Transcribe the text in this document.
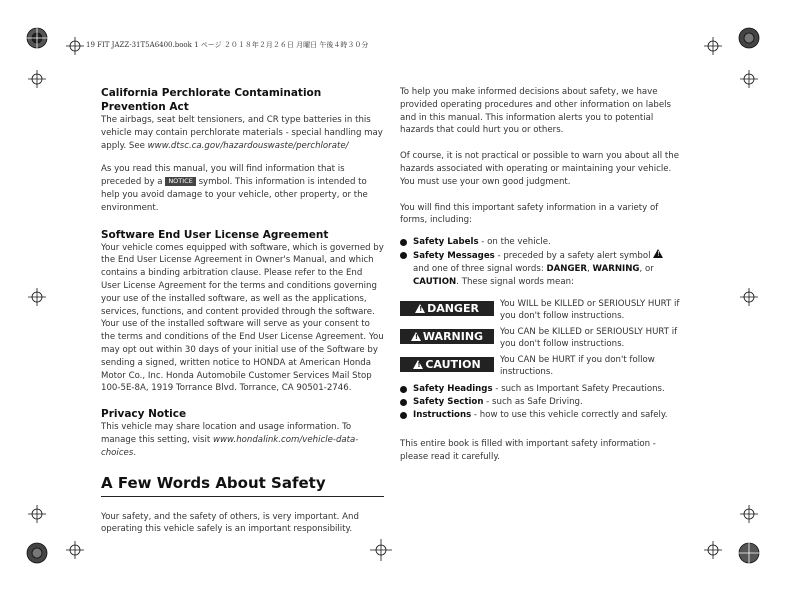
19 FIT JAZZ-31T5A6400.book 1 ページ ２０１８年２月２６日 月曜日 午後４時３０分
California Perchlorate Contamination Prevention Act

The airbags, seat belt tensioners, and CR type batteries in this vehicle may contain perchlorate materials - special handling may apply. See www.dtsc.ca.gov/hazardouswaste/perchlorate/

As you read this manual, you will find information that is preceded by a NOTICE symbol. This information is intended to help you avoid damage to your vehicle, other property, or the environment.

Software End User License Agreement

Your vehicle comes equipped with software, which is governed by the End User License Agreement in Owner's Manual, and which contains a binding arbitration clause. Please refer to the End User License Agreement for the terms and conditions governing your use of the installed software, as well as the applications, services, functions, and content provided through the software. Your use of the installed software will serve as your consent to the terms and conditions of the End User License Agreement. You may opt out within 30 days of your initial use of the Software by sending a signed, written notice to HONDA at American Honda Motor Co., Inc. Honda Automobile Customer Services Mail Stop 100-5E-8A, 1919 Torrance Blvd. Torrance, CA 90501-2746.

Privacy Notice

This vehicle may share location and usage information. To manage this setting, visit www.hondalink.com/vehicle-data-choices.

A Few Words About Safety

Your safety, and the safety of others, is very important. And operating this vehicle safely is an important responsibility.

To help you make informed decisions about safety, we have provided operating procedures and other information on labels and in this manual. This information alerts you to potential hazards that could hurt you or others.

Of course, it is not practical or possible to warn you about all the hazards associated with operating or maintaining your vehicle. You must use your own good judgment.

You will find this important safety information in a variety of forms, including:

Safety Labels - on the vehicle.
Safety Messages - preceded by a safety alert symbol !
and one of three signal words: DANGER, WARNING, or CAUTION. These signal words mean:
! DANGER You WILL be KILLED or SERIOUSLY HURT if you don't follow instructions.
! WARNING You CAN be KILLED or SERIOUSLY HURT if you don't follow instructions.
! CAUTION You CAN be HURT if you don't follow instructions.
Safety Headings - such as Important Safety Precautions.
Safety Section - such as Safe Driving.
Instructions - how to use this vehicle correctly and safely.

This entire book is filled with important safety information - please read it carefully.
